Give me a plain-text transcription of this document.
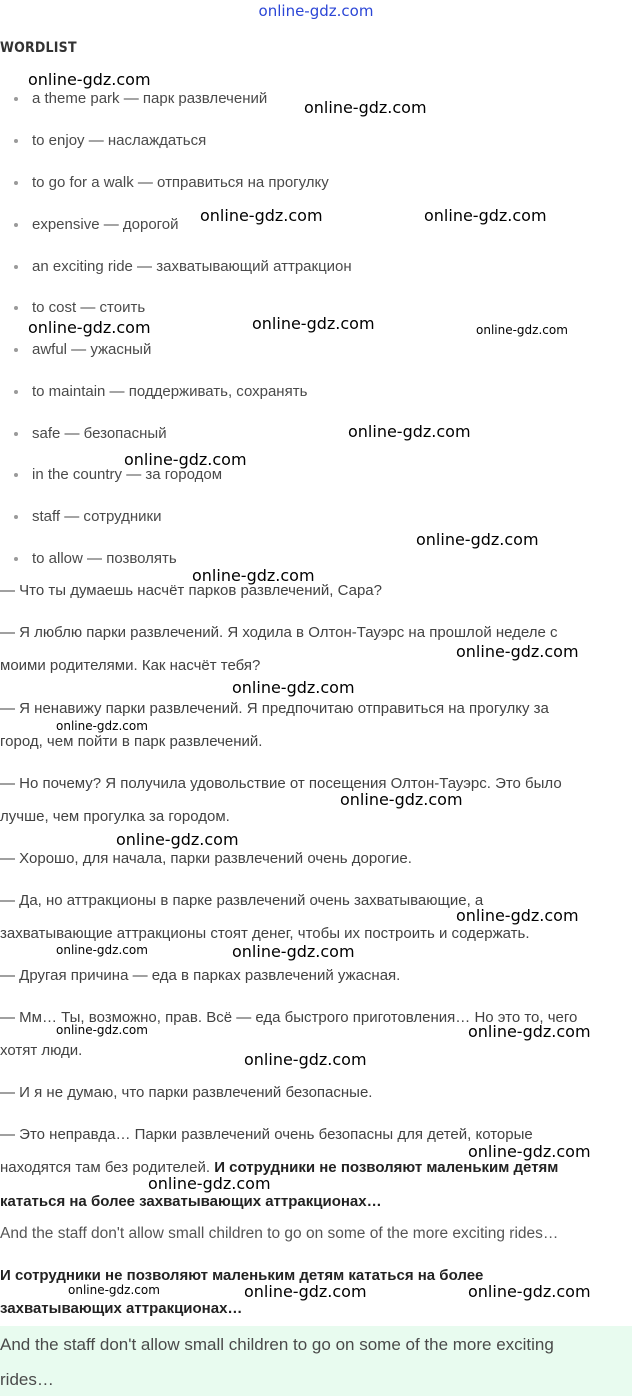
online-gdz.com
WORDLIST
a theme park — парк развлечений
to enjoy — наслаждаться
to go for a walk — отправиться на прогулку
expensive — дорогой
an exciting ride — захватывающий аттракцион
to cost — стоить
awful — ужасный
to maintain — поддерживать, сохранять
safe — безопасный
in the country — за городом
staff — сотрудники
to allow — позволять
— Что ты думаешь насчёт парков развлечений, Сара?
— Я люблю парки развлечений. Я ходила в Олтон-Тауэрс на прошлой неделе с
моими родителями. Как насчёт тебя?
— Я ненавижу парки развлечений. Я предпочитаю отправиться на прогулку за
город, чем пойти в парк развлечений.
— Но почему? Я получила удовольствие от посещения Олтон-Тауэрс. Это было
лучше, чем прогулка за городом.
— Хорошо, для начала, парки развлечений очень дорогие.
— Да, но аттракционы в парке развлечений очень захватывающие, а
захватывающие аттракционы стоят денег, чтобы их построить и содержать.
— Другая причина — еда в парках развлечений ужасная.
— Мм… Ты, возможно, прав. Всё — еда быстрого приготовления… Но это то, чего
хотят люди.
— И я не думаю, что парки развлечений безопасные.
— Это неправда… Парки развлечений очень безопасны для детей, которые
находятся там без родителей. И сотрудники не позволяют маленьким детям
кататься на более захватывающих аттракционах…
And the staff don't allow small children to go on some of the more exciting rides…
И сотрудники не позволяют маленьким детям кататься на более
захватывающих аттракционах…
And the staff don't allow small children to go on some of the more exciting
rides…
online-gdz.com
online-gdz.com
online-gdz.com	online-gdz.com
online-gdz.com	online-gdz.com	online-gdz.com
online-gdz.com
online-gdz.com
online-gdz.com
online-gdz.com
online-gdz.com
online-gdz.com
online-gdz.com
online-gdz.com
online-gdz.com
online-gdz.com
online-gdz.com	online-gdz.com
online-gdz.com	online-gdz.com
online-gdz.com
online-gdz.com
online-gdz.com
online-gdz.com	online-gdz.com	online-gdz.com
